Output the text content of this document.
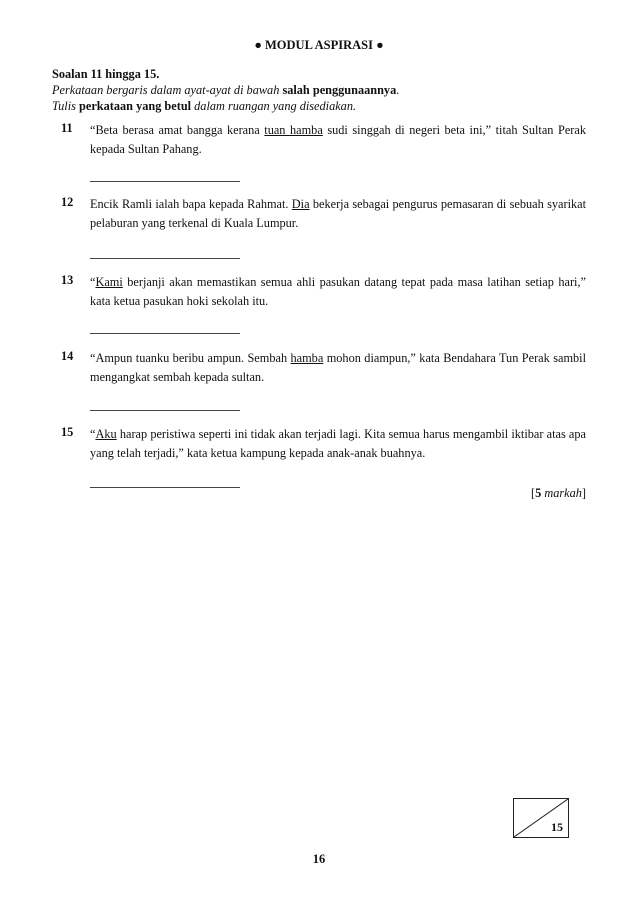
● MODUL ASPIRASI ●
Soalan 11 hingga 15.
Perkataan bergaris dalam ayat-ayat di bawah salah penggunaannya.
Tulis perkataan yang betul dalam ruangan yang disediakan.
11 “Beta berasa amat bangga kerana tuan hamba sudi singgah di negeri beta ini,” titah Sultan Perak kepada Sultan Pahang.
12 Encik Ramli ialah bapa kepada Rahmat. Dia bekerja sebagai pengurus pemasaran di sebuah syarikat pelaburan yang terkenal di Kuala Lumpur.
13 “Kami berjanji akan memastikan semua ahli pasukan datang tepat pada masa latihan setiap hari,” kata ketua pasukan hoki sekolah itu.
14 “Ampun tuanku beribu ampun. Sembah hamba mohon diampun,” kata Bendahara Tun Perak sambil mengangkat sembah kepada sultan.
15 “Aku harap peristiwa seperti ini tidak akan terjadi lagi. Kita semua harus mengambil iktibar atas apa yang telah terjadi,” kata ketua kampung kepada anak-anak buahnya.
[5 markah]
15
16
